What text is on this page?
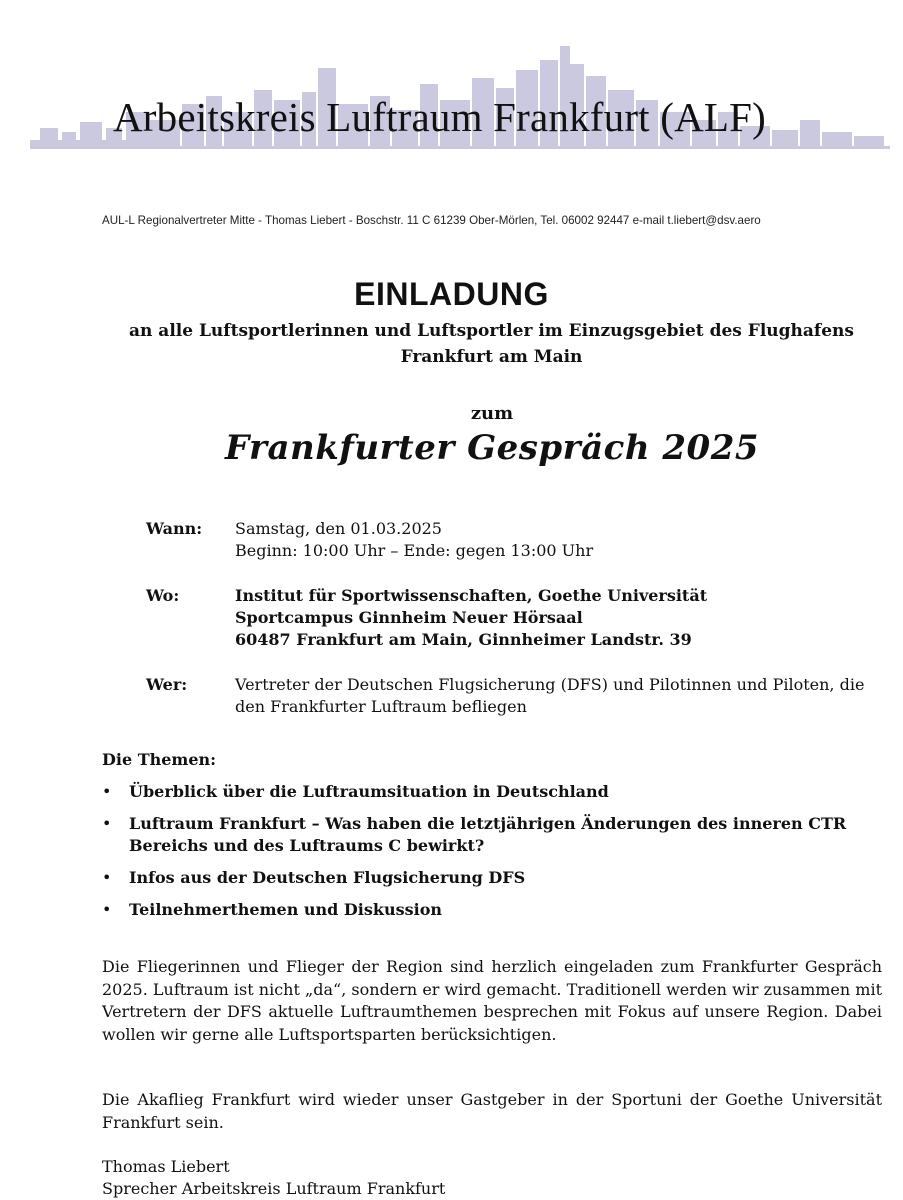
Arbeitskreis Luftraum Frankfurt (ALF)
AUL-L Regionalvertreter Mitte - Thomas Liebert - Boschstr. 11 C 61239 Ober-Mörlen, Tel. 06002 92447 e-mail t.liebert@dsv.aero
EINLADUNG
an alle Luftsportlerinnen und Luftsportler im Einzugsgebiet des Flughafens Frankfurt am Main
zum
Frankfurter Gespräch 2025
Wann:	Samstag, den 01.03.2025
Beginn: 10:00 Uhr – Ende: gegen 13:00 Uhr
Wo:	Institut für Sportwissenschaften, Goethe Universität
Sportcampus Ginnheim Neuer Hörsaal
60487 Frankfurt am Main, Ginnheimer Landstr. 39
Wer:	Vertreter der Deutschen Flugsicherung (DFS) und Pilotinnen und Piloten, die den Frankfurter Luftraum befliegen
Die Themen:
• Überblick über die Luftraumsituation in Deutschland
• Luftraum Frankfurt – Was haben die letztjährigen Änderungen des inneren CTR Bereichs und des Luftraums C bewirkt?
• Infos aus der Deutschen Flugsicherung DFS
• Teilnehmerthemen und Diskussion
Die Fliegerinnen und Flieger der Region sind herzlich eingeladen zum Frankfurter Gespräch 2025. Luftraum ist nicht „da“, sondern er wird gemacht. Traditionell werden wir zusammen mit Vertretern der DFS aktuelle Luftraumthemen besprechen mit Fokus auf unsere Region. Dabei wollen wir gerne alle Luftsportsparten berücksichtigen.
Die Akaflieg Frankfurt wird wieder unser Gastgeber in der Sportuni der Goethe Universität Frankfurt sein.
Thomas Liebert
Sprecher Arbeitskreis Luftraum Frankfurt
